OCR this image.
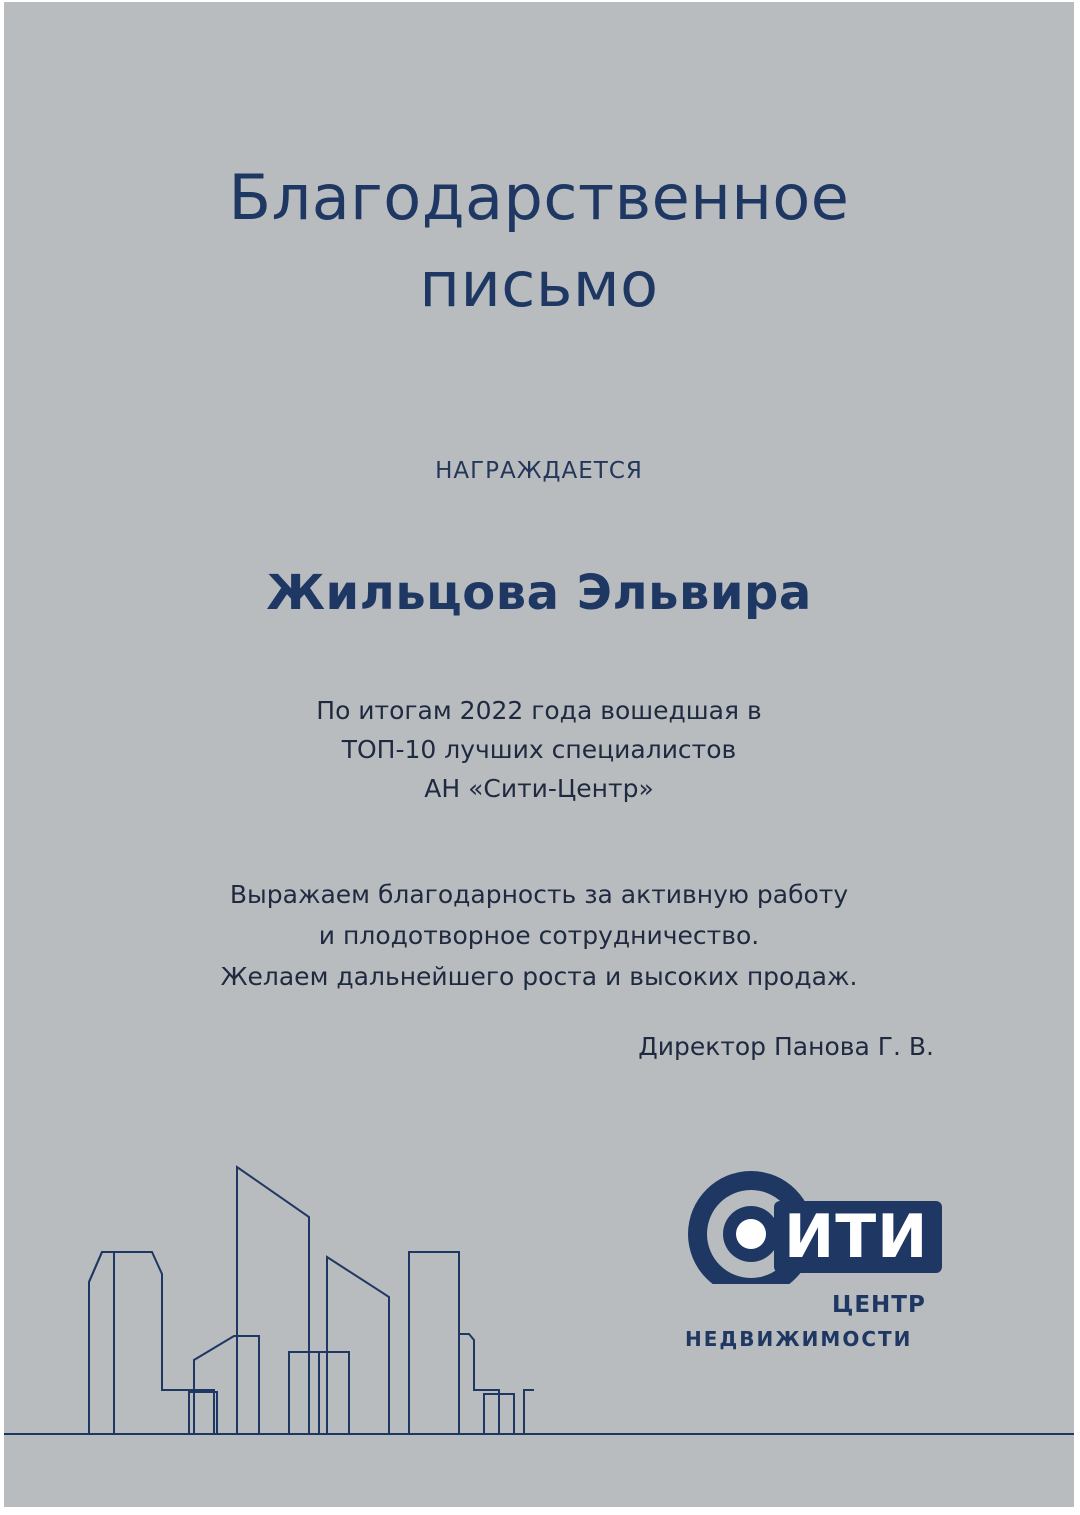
Благодарственное
письмо
НАГРАЖДАЕТСЯ
Жильцова Эльвира
По итогам 2022 года вошедшая в
ТОП-10 лучших специалистов
АН «Сити-Центр»
Выражаем благодарность за активную работу
и плодотворное сотрудничество.
Желаем дальнейшего роста и высоких продаж.
Директор Панова Г. В.
ИТИ
ЦЕНТР
НЕДВИЖИМОСТИ
